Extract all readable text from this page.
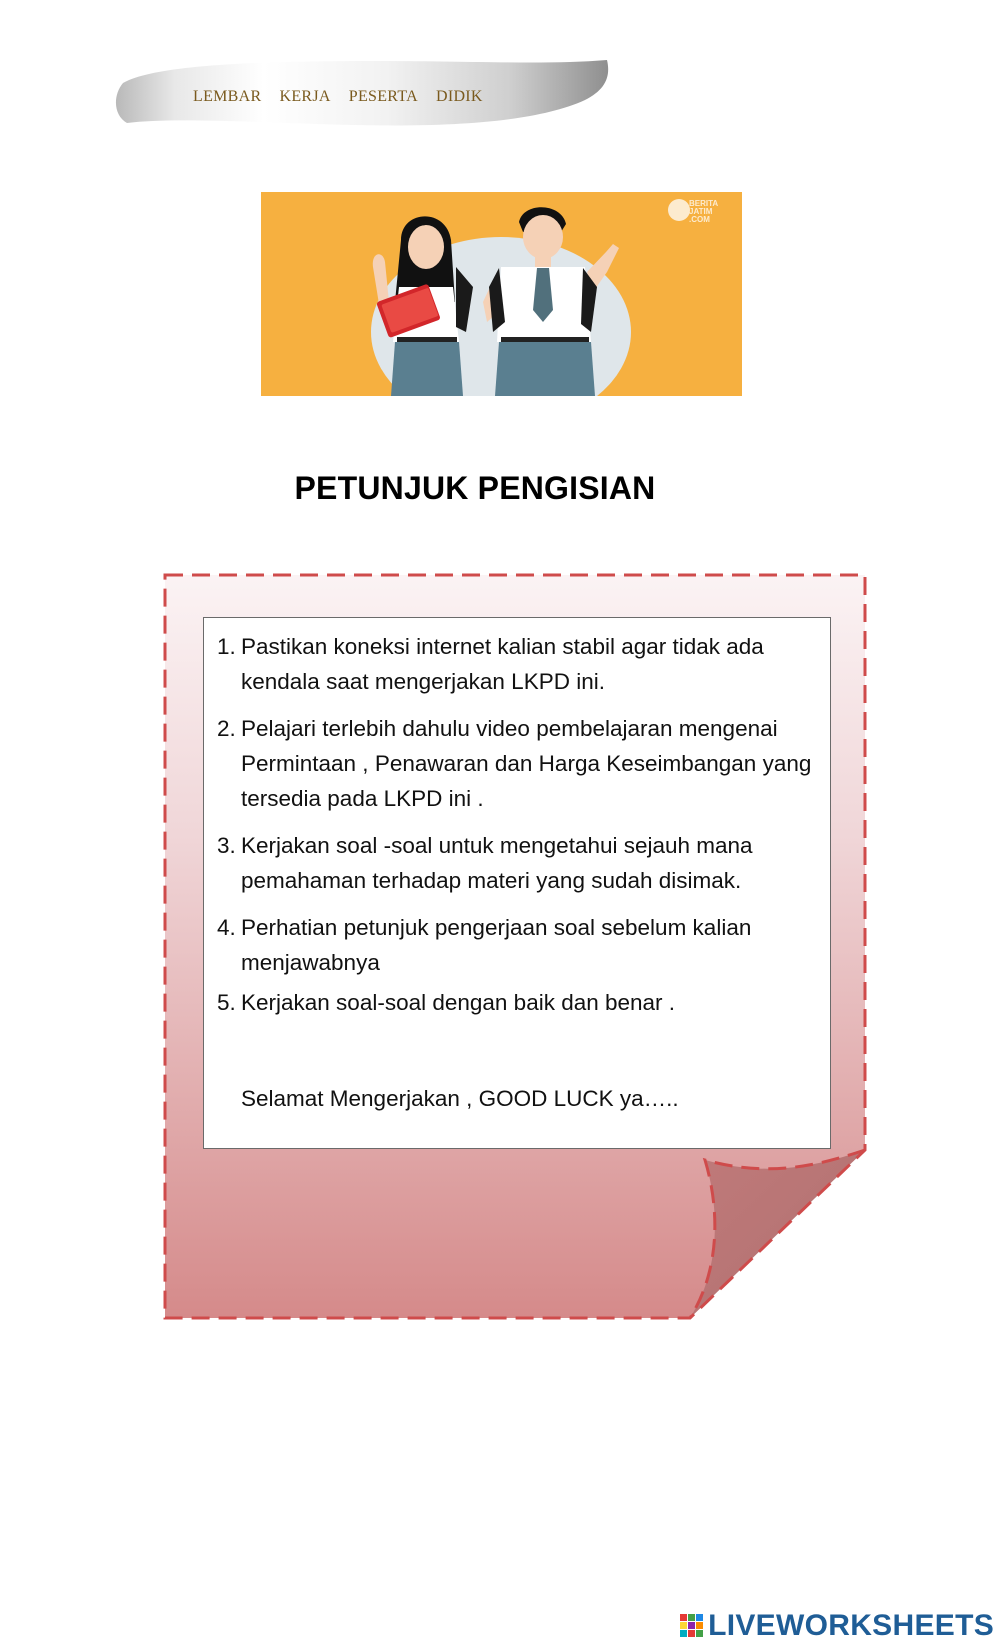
LEMBAR KERJA PESERTA DIDIK
BERITA
JATIM
.COM
PETUNJUK PENGISIAN
1. Pastikan koneksi internet kalian stabil agar tidak ada kendala saat mengerjakan LKPD ini.
2. Pelajari terlebih dahulu video pembelajaran mengenai Permintaan , Penawaran dan Harga Keseimbangan yang tersedia pada LKPD ini .
3. Kerjakan soal -soal untuk mengetahui sejauh mana pemahaman terhadap materi yang sudah disimak.
4. Perhatian petunjuk pengerjaan soal sebelum kalian menjawabnya
5. Kerjakan soal-soal dengan baik dan benar .
Selamat Mengerjakan , GOOD LUCK ya…..
LIVEWORKSHEETS
